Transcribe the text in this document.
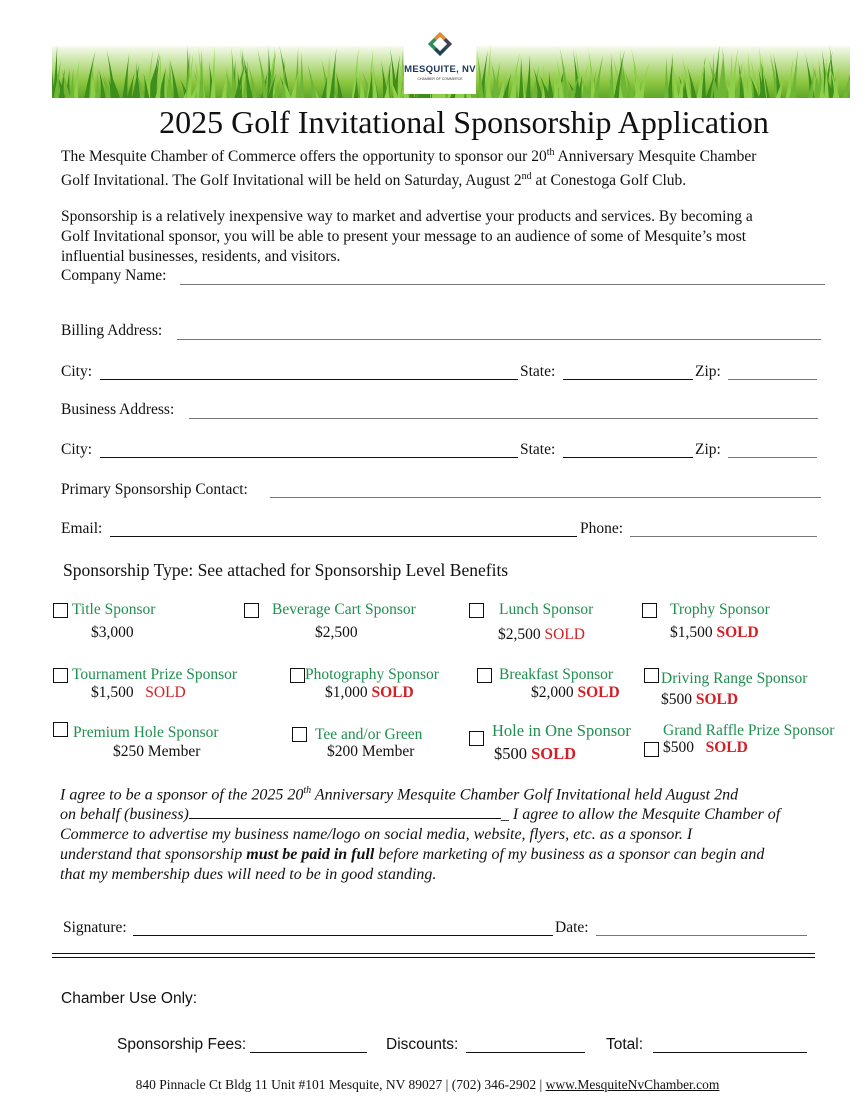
MESQUITE, NV
CHAMBER OF COMMERCE
2025 Golf Invitational Sponsorship Application
The Mesquite Chamber of Commerce offers the opportunity to sponsor our 20th Anniversary Mesquite Chamber
Golf Invitational. The Golf Invitational will be held on Saturday, August 2nd at Conestoga Golf Club.
Sponsorship is a relatively inexpensive way to market and advertise your products and services. By becoming a
Golf Invitational sponsor, you will be able to present your message to an audience of some of Mesquite’s most
influential businesses, residents, and visitors.
Company Name:
Billing Address:
City:	State:	Zip:
Business Address:
City:	State:	Zip:
Primary Sponsorship Contact:
Email:	Phone:
Sponsorship Type: See attached for Sponsorship Level Benefits
Title Sponsor
$3,000
Beverage Cart Sponsor
$2,500
Lunch Sponsor
$2,500 SOLD
Trophy Sponsor
$1,500 SOLD
Tournament Prize Sponsor
$1,500 SOLD
Photography Sponsor
$1,000 SOLD
Breakfast Sponsor
$2,000 SOLD
Driving Range Sponsor
$500 SOLD
Premium Hole Sponsor
$250 Member
Tee and/or Green
$200 Member
Hole in One Sponsor
$500 SOLD
Grand Raffle Prize Sponsor
$500 SOLD
I agree to be a sponsor of the 2025 20th Anniversary Mesquite Chamber Golf Invitational held August 2nd
on behalf (business)	_ I agree to allow the Mesquite Chamber of
Commerce to advertise my business name/logo on social media, website, flyers, etc. as a sponsor. I
understand that sponsorship must be paid in full before marketing of my business as a sponsor can begin and
that my membership dues will need to be in good standing.
Signature:	Date:
Chamber Use Only:
Sponsorship Fees:	Discounts:	Total:
840 Pinnacle Ct Bldg 11 Unit #101 Mesquite, NV 89027 | (702) 346-2902 | www.MesquiteNvChamber.com
